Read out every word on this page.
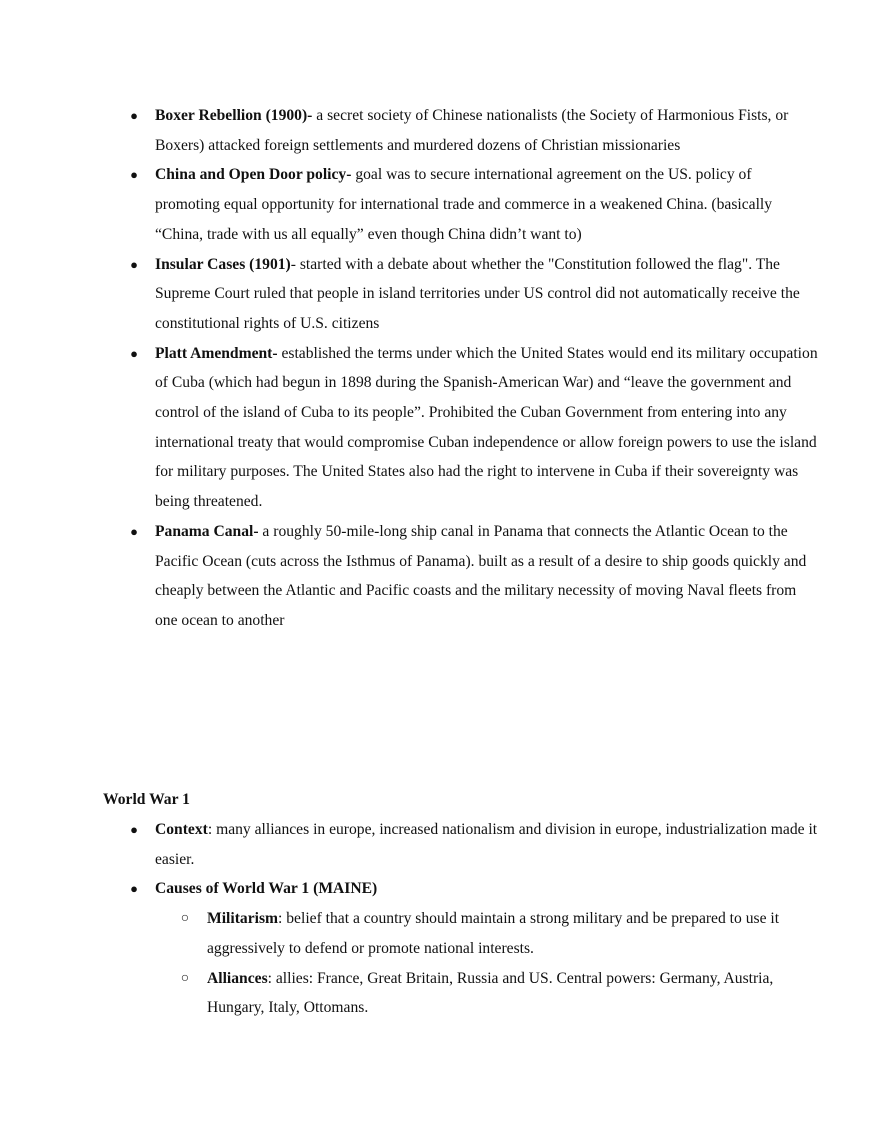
● Boxer Rebellion (1900)- a secret society of Chinese nationalists (the Society of Harmonious Fists, or Boxers) attacked foreign settlements and murdered dozens of Christian missionaries
● China and Open Door policy- goal was to secure international agreement on the US. policy of promoting equal opportunity for international trade and commerce in a weakened China. (basically “China, trade with us all equally” even though China didn’t want to)
● Insular Cases (1901)- started with a debate about whether the "Constitution followed the flag". The Supreme Court ruled that people in island territories under US control did not automatically receive the constitutional rights of U.S. citizens
● Platt Amendment- established the terms under which the United States would end its military occupation of Cuba (which had begun in 1898 during the Spanish-American War) and “leave the government and control of the island of Cuba to its people”. Prohibited the Cuban Government from entering into any international treaty that would compromise Cuban independence or allow foreign powers to use the island for military purposes. The United States also had the right to intervene in Cuba if their sovereignty was being threatened.
● Panama Canal- a roughly 50-mile-long ship canal in Panama that connects the Atlantic Ocean to the Pacific Ocean (cuts across the Isthmus of Panama). built as a result of a desire to ship goods quickly and cheaply between the Atlantic and Pacific coasts and the military necessity of moving Naval fleets from one ocean to another
World War 1
● Context: many alliances in europe, increased nationalism and division in europe, industrialization made it easier.
● Causes of World War 1 (MAINE)
○ Militarism: belief that a country should maintain a strong military and be prepared to use it aggressively to defend or promote national interests.
○ Alliances: allies: France, Great Britain, Russia and US. Central powers: Germany, Austria, Hungary, Italy, Ottomans.
